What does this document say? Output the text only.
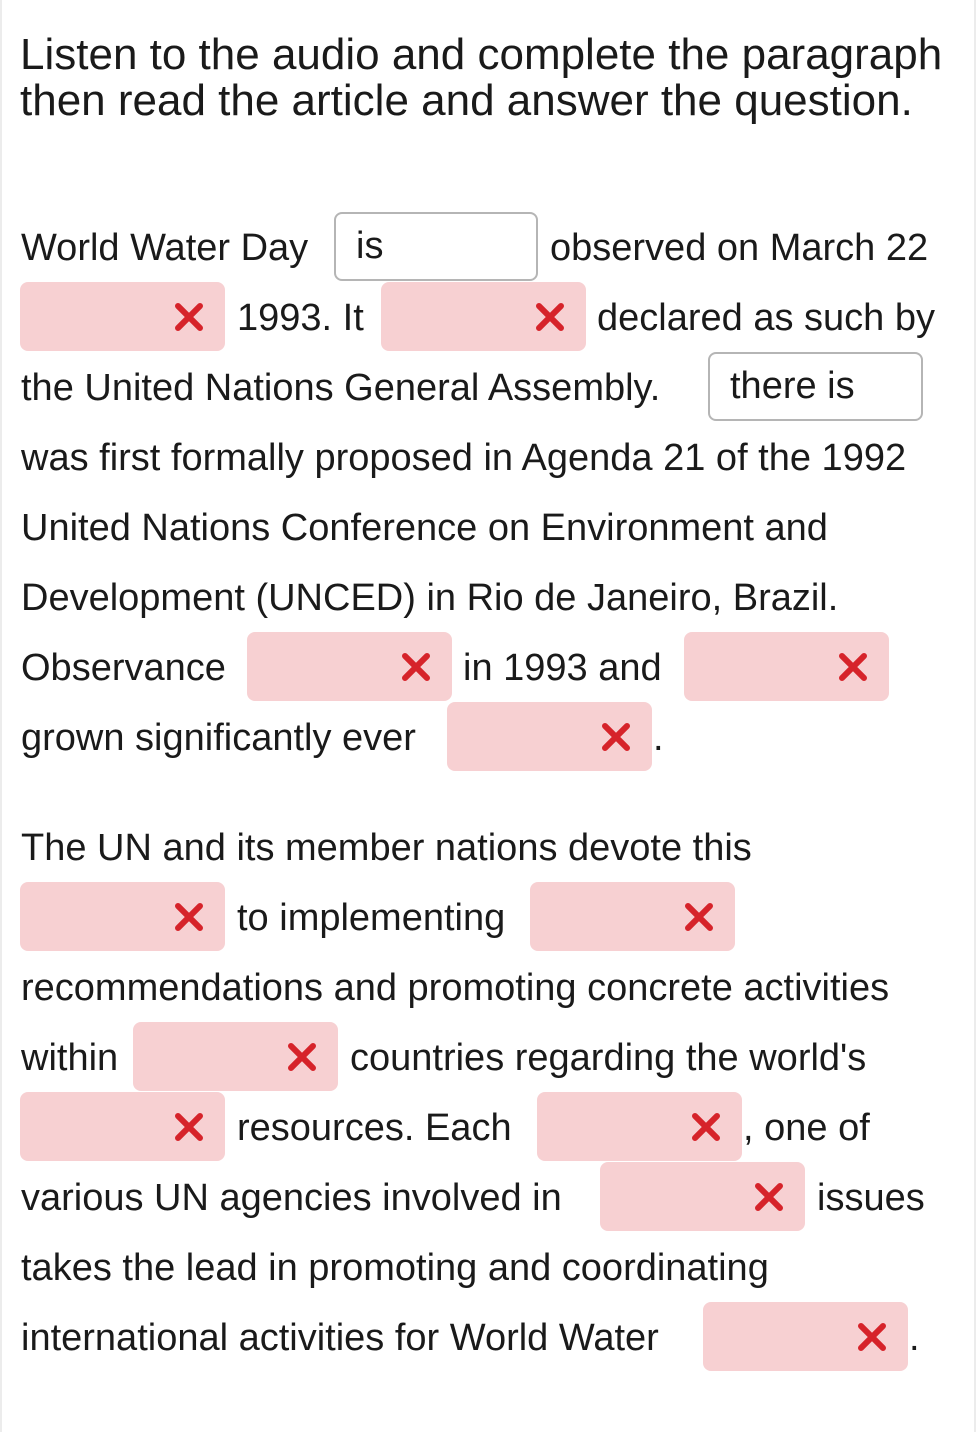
Listen to the audio and complete the paragraph then read the article and answer the question.
World Water Day	is	observed on March 22
1993. It	declared as such by
the United Nations General Assembly.	there is
was first formally proposed in Agenda 21 of the 1992
United Nations Conference on Environment and
Development (UNCED) in Rio de Janeiro, Brazil.
Observance	in 1993 and
grown significantly ever	.
The UN and its member nations devote this
to implementing
recommendations and promoting concrete activities
within	countries regarding the world's
resources. Each	, one of
various UN agencies involved in	issues
takes the lead in promoting and coordinating
international activities for World Water	.
